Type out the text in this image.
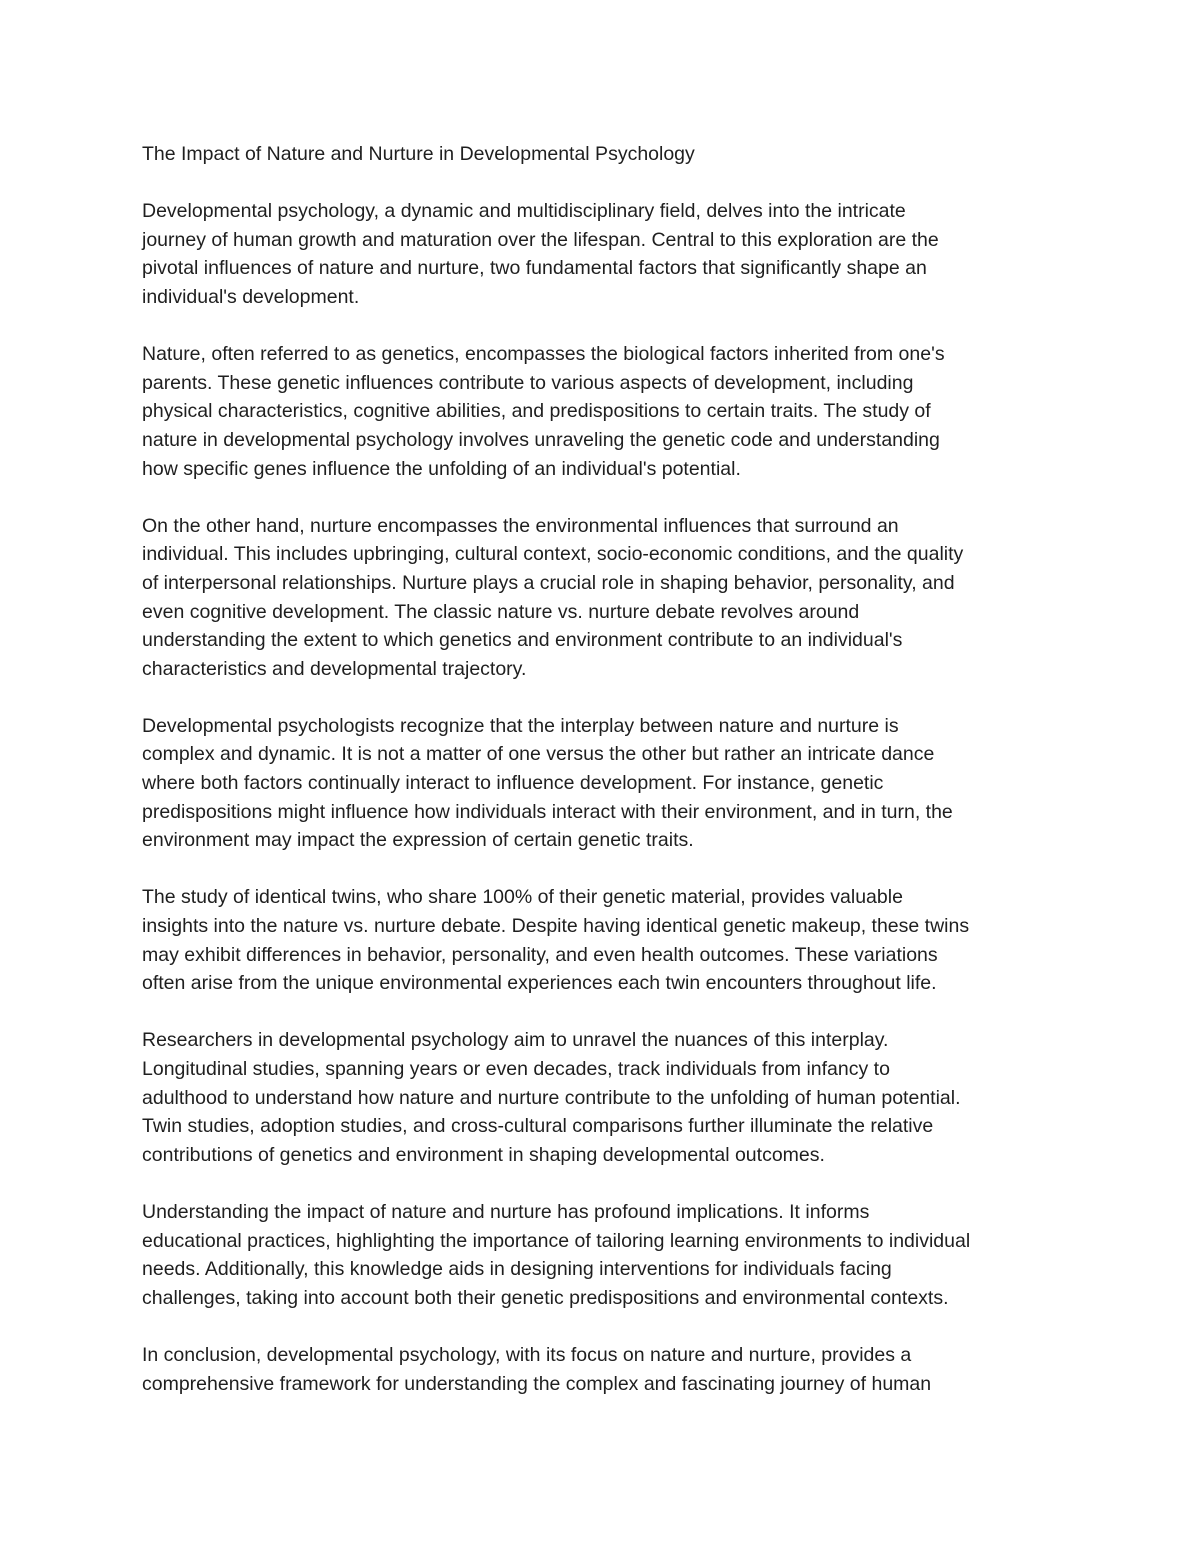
The Impact of Nature and Nurture in Developmental Psychology
Developmental psychology, a dynamic and multidisciplinary field, delves into the intricate
journey of human growth and maturation over the lifespan. Central to this exploration are the
pivotal influences of nature and nurture, two fundamental factors that significantly shape an
individual's development.
Nature, often referred to as genetics, encompasses the biological factors inherited from one's
parents. These genetic influences contribute to various aspects of development, including
physical characteristics, cognitive abilities, and predispositions to certain traits. The study of
nature in developmental psychology involves unraveling the genetic code and understanding
how specific genes influence the unfolding of an individual's potential.
On the other hand, nurture encompasses the environmental influences that surround an
individual. This includes upbringing, cultural context, socio-economic conditions, and the quality
of interpersonal relationships. Nurture plays a crucial role in shaping behavior, personality, and
even cognitive development. The classic nature vs. nurture debate revolves around
understanding the extent to which genetics and environment contribute to an individual's
characteristics and developmental trajectory.
Developmental psychologists recognize that the interplay between nature and nurture is
complex and dynamic. It is not a matter of one versus the other but rather an intricate dance
where both factors continually interact to influence development. For instance, genetic
predispositions might influence how individuals interact with their environment, and in turn, the
environment may impact the expression of certain genetic traits.
The study of identical twins, who share 100% of their genetic material, provides valuable
insights into the nature vs. nurture debate. Despite having identical genetic makeup, these twins
may exhibit differences in behavior, personality, and even health outcomes. These variations
often arise from the unique environmental experiences each twin encounters throughout life.
Researchers in developmental psychology aim to unravel the nuances of this interplay.
Longitudinal studies, spanning years or even decades, track individuals from infancy to
adulthood to understand how nature and nurture contribute to the unfolding of human potential.
Twin studies, adoption studies, and cross-cultural comparisons further illuminate the relative
contributions of genetics and environment in shaping developmental outcomes.
Understanding the impact of nature and nurture has profound implications. It informs
educational practices, highlighting the importance of tailoring learning environments to individual
needs. Additionally, this knowledge aids in designing interventions for individuals facing
challenges, taking into account both their genetic predispositions and environmental contexts.
In conclusion, developmental psychology, with its focus on nature and nurture, provides a
comprehensive framework for understanding the complex and fascinating journey of human
